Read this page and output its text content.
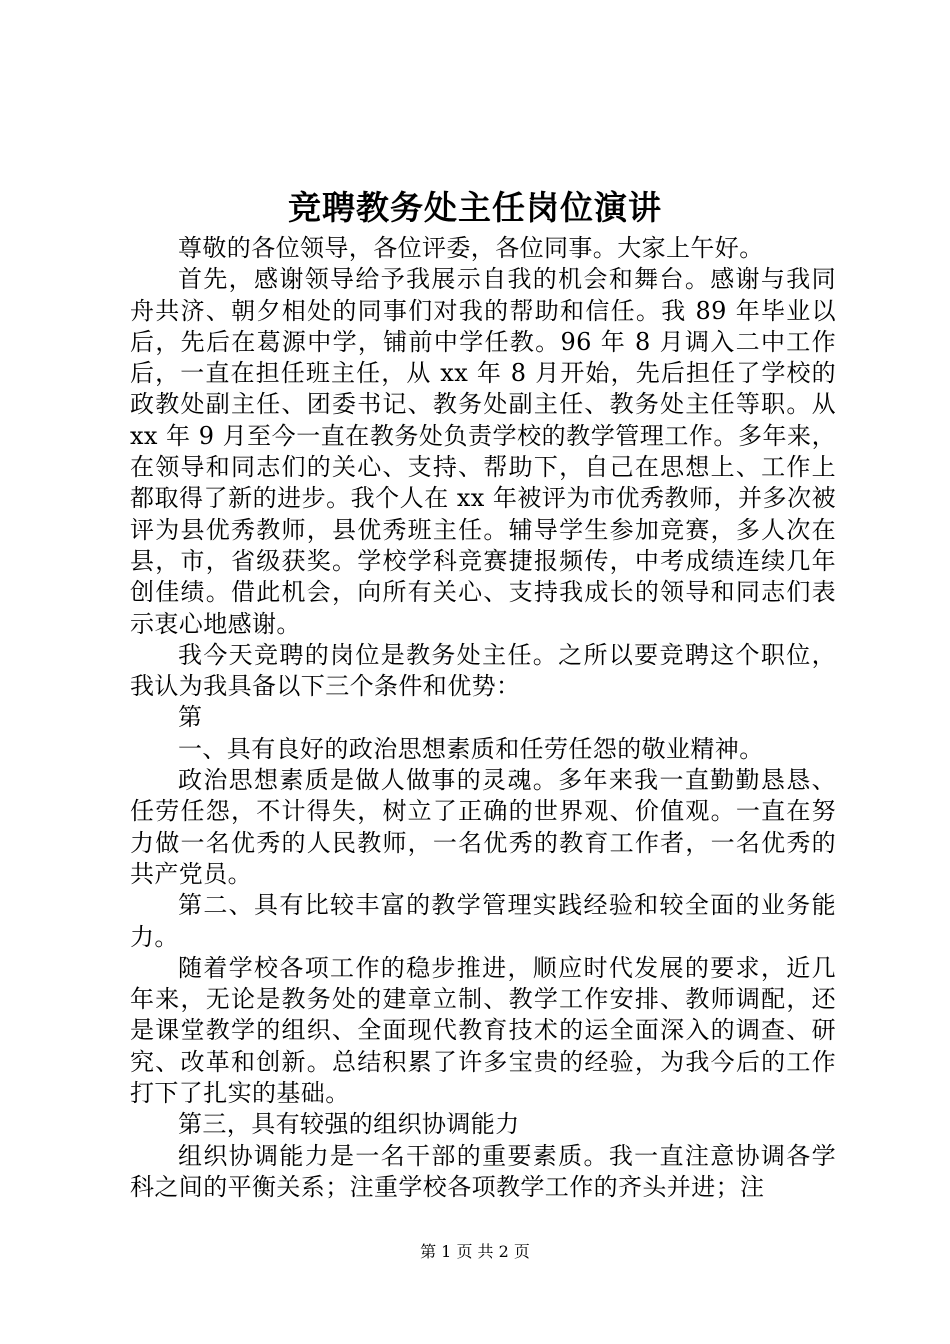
竞聘教务处主任岗位演讲

尊敬的各位领导，各位评委，各位同事。大家上午好。

首先，感谢领导给予我展示自我的机会和舞台。感谢与我同舟共济、朝夕相处的同事们对我的帮助和信任。我 89 年毕业以后，先后在葛源中学，铺前中学任教。96 年 8 月调入二中工作后，一直在担任班主任，从 xx 年 8 月开始，先后担任了学校的政教处副主任、团委书记、教务处副主任、教务处主任等职。从 xx 年 9 月至今一直在教务处负责学校的教学管理工作。多年来，在领导和同志们的关心、支持、帮助下，自己在思想上、工作上都取得了新的进步。我个人在 xx 年被评为市优秀教师，并多次被评为县优秀教师，县优秀班主任。辅导学生参加竞赛，多人次在县，市，省级获奖。学校学科竞赛捷报频传，中考成绩连续几年创佳绩。借此机会，向所有关心、支持我成长的领导和同志们表示衷心地感谢。

我今天竞聘的岗位是教务处主任。之所以要竞聘这个职位，我认为我具备以下三个条件和优势：

第

一、具有良好的政治思想素质和任劳任怨的敬业精神。

政治思想素质是做人做事的灵魂。多年来我一直勤勤恳恳、任劳任怨，不计得失，树立了正确的世界观、价值观。一直在努力做一名优秀的人民教师，一名优秀的教育工作者，一名优秀的共产党员。

第二、具有比较丰富的教学管理实践经验和较全面的业务能力。

随着学校各项工作的稳步推进，顺应时代发展的要求，近几年来，无论是教务处的建章立制、教学工作安排、教师调配，还是课堂教学的组织、全面现代教育技术的运全面深入的调查、研究、改革和创新。总结积累了许多宝贵的经验，为我今后的工作打下了扎实的基础。

第三，具有较强的组织协调能力

组织协调能力是一名干部的重要素质。我一直注意协调各学科之间的平衡关系；注重学校各项教学工作的齐头并进；注

第 1 页 共 2 页
